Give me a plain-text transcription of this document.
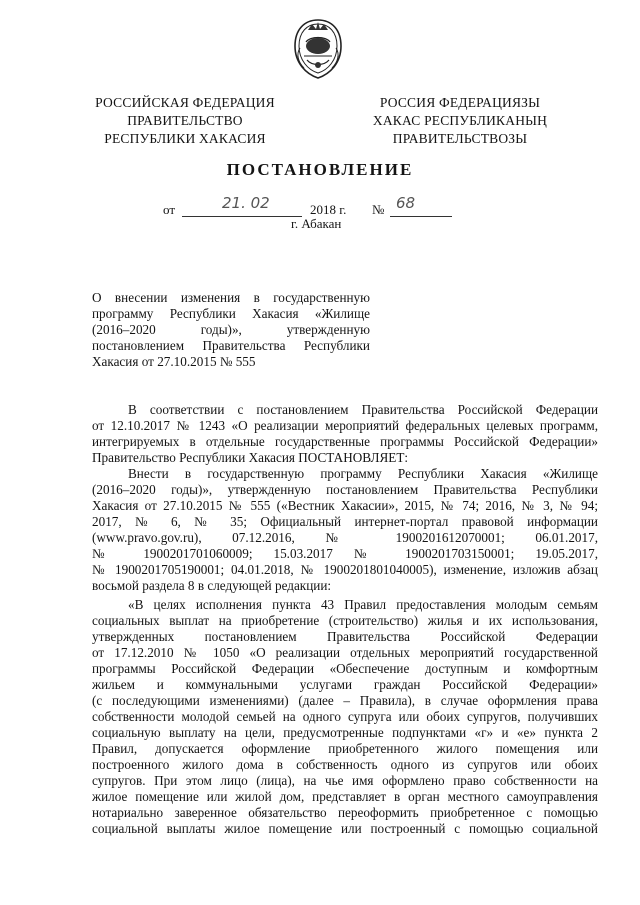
РОССИЙСКАЯ ФЕДЕРАЦИЯ
ПРАВИТЕЛЬСТВО
РЕСПУБЛИКИ ХАКАСИЯ
РОССИЯ ФЕДЕРАЦИЯЗЫ
ХАКАС РЕСПУБЛИКАНЫҢ
ПРАВИТЕЛЬСТВОЗЫ
ПОСТАНОВЛЕНИЕ
от	21. 02	2018 г. № 68
г. Абакан
О внесении изменения в государственную
программу Республики Хакасия «Жилище
(2016–2020 годы)», утвержденную
постановлением Правительства Республики
Хакасия от 27.10.2015 № 555
В соответствии с постановлением Правительства Российской Федерации
от 12.10.2017 № 1243 «О реализации мероприятий федеральных целевых программ,
интегрируемых в отдельные государственные программы Российской Федерации»
Правительство Республики Хакасия ПОСТАНОВЛЯЕТ:
Внести в государственную программу Республики Хакасия «Жилище
(2016–2020 годы)», утвержденную постановлением Правительства Республики
Хакасия от 27.10.2015 № 555 («Вестник Хакасии», 2015, № 74; 2016, № 3, № 94;
2017, № 6, № 35; Официальный интернет-портал правовой информации
(www.pravo.gov.ru), 07.12.2016, № 1900201612070001; 06.01.2017,
№ 1900201701060009; 15.03.2017 № 1900201703150001; 19.05.2017,
№ 1900201705190001; 04.01.2018, № 1900201801040005), изменение, изложив абзац
восьмой раздела 8 в следующей редакции:
«В целях исполнения пункта 43 Правил предоставления молодым семьям
социальных выплат на приобретение (строительство) жилья и их использования,
утвержденных постановлением Правительства Российской Федерации
от 17.12.2010 № 1050 «О реализации отдельных мероприятий государственной
программы Российской Федерации «Обеспечение доступным и комфортным
жильем и коммунальными услугами граждан Российской Федерации»
(с последующими изменениями) (далее – Правила), в случае оформления права
собственности молодой семьей на одного супруга или обоих супругов, получивших
социальную выплату на цели, предусмотренные подпунктами «г» и «е» пункта 2
Правил, допускается оформление приобретенного жилого помещения или
построенного жилого дома в собственность одного из супругов или обоих
супругов. При этом лицо (лица), на чье имя оформлено право собственности на
жилое помещение или жилой дом, представляет в орган местного самоуправления
нотариально заверенное обязательство переоформить приобретенное с помощью
социальной выплаты жилое помещение или построенный с помощью социальной
